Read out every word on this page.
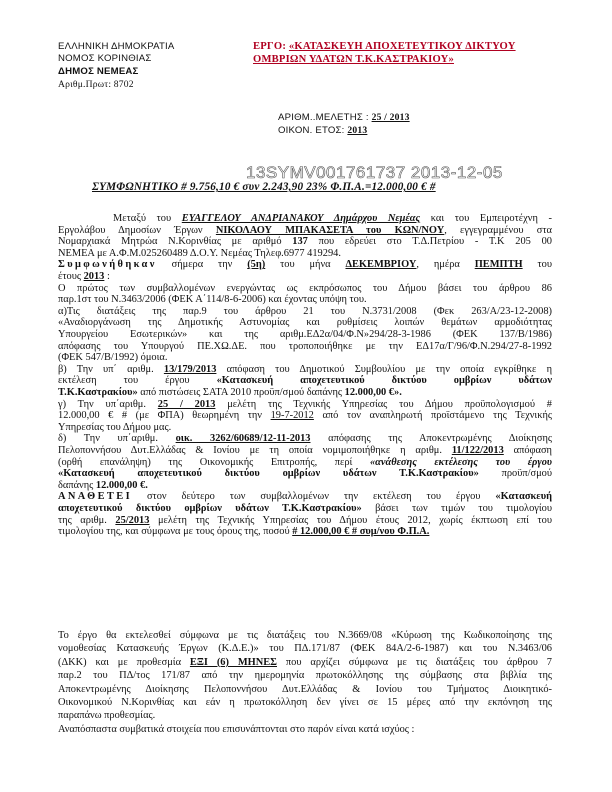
ΕΛΛΗΝΙΚΗ ΔΗΜΟΚΡΑΤΙΑ
ΝΟΜΟΣ ΚΟΡΙΝΘΙΑΣ
ΔΗΜΟΣ ΝΕΜΕΑΣ
Αριθμ.Πρωτ: 8702
ΕΡΓΟ: «ΚΑΤΑΣΚΕΥΗ ΑΠΟΧΕΤΕΥΤΙΚΟΥ ΔΙΚΤΥΟΥ
ΟΜΒΡΙΩΝ ΥΔΑΤΩΝ Τ.Κ.ΚΑΣΤΡΑΚΙΟΥ»
ΑΡΙΘΜ..ΜΕΛΕΤΗΣ : 25 / 2013
ΟΙΚΟΝ. ΕΤΟΣ: 2013
13SYMV001761737 2013-12-05
ΣΥΜΦΩΝΗΤΙΚΟ # 9.756,10 € συν 2.243,90 23% Φ.Π.Α.=12.000,00 € #
Μεταξύ του ΕΥΑΓΓΕΛΟΥ ΑΝΔΡΙΑΝΑΚΟΥ Δημάρχου Νεμέας και του Εμπειροτέχνη -
Εργολάβου Δημοσίων Έργων ΝΙΚΟΛΑΟΥ ΜΠΑΚΑΣΕΤΑ του ΚΩΝ/ΝΟΥ, εγγεγραμμένου στα
Νομαρχιακά Μητρώα Ν.Κορινθίας με αριθμό 137 που εδρεύει στο Τ.Δ.Πετρίου - Τ.Κ 205 00
ΝΕΜΕΑ με Α.Φ.Μ.025260489 Δ.Ο.Υ. Νεμέας Τηλεφ.6977 419294.
Συμφωνήθηκαν σήμερα την (5η) του μήνα ΔΕΚΕΜΒΡΙΟΥ, ημέρα ΠΕΜΠΤΗ του
έτους 2013 :
Ο πρώτος των συμβαλλομένων ενεργώντας ως εκπρόσωπος του Δήμου βάσει του άρθρου 86
παρ.1στ του Ν.3463/2006 (ΦΕΚ Α΄114/8-6-2006) και έχοντας υπόψη του.
α)Τις διατάξεις της παρ.9 του άρθρου 21 του Ν.3731/2008 (Φεκ 263/Α/23-12-2008)
«Αναδιοργάνωση της Δημοτικής Αστυνομίας και ρυθμίσεις λοιπών θεμάτων αρμοδιότητας
Υπουργείου Εσωτερικών» και της αριθμ.ΕΔ2α/04/Φ.Ν»294/28-3-1986 (ΦΕΚ 137/Β/1986)
απόφασης του Υπουργού ΠΕ.ΧΩ.ΔΕ. που τροποποιήθηκε με την ΕΔ17α/Γ/96/Φ.Ν.294/27-8-1992
(ΦΕΚ 547/Β/1992) όμοια.
β) Την υπ΄ αριθμ. 13/179/2013 απόφαση του Δημοτικού Συμβουλίου με την οποία εγκρίθηκε η
εκτέλεση του έργου «Κατασκευή αποχετευτικού δικτύου ομβρίων υδάτων
Τ.Κ.Καστρακίου» από πιστώσεις ΣΑΤΑ 2010 προϋπ/σμού δαπάνης 12.000,00 €».
γ) Την υπ΄αριθμ. 25 / 2013 μελέτη της Τεχνικής Υπηρεσίας του Δήμου προϋπολογισμού #
12.000,00 € # (με ΦΠΑ) θεωρημένη την 19-7-2012 από τον αναπληρωτή προϊστάμενο της Τεχνικής
Υπηρεσίας του Δήμου μας.
δ) Την υπ΄αριθμ. οικ. 3262/60689/12-11-2013 απόφασης της Αποκεντρωμένης Διοίκησης
Πελοποννήσου Δυτ.Ελλάδας & Ιονίου με τη οποία νομιμοποιήθηκε η αριθμ. 11/122/2013 απόφαση
(ορθή επανάληψη) της Οικονομικής Επιτροπής, περί «ανάθεσης εκτέλεσης του έργου
«Κατασκευή αποχετευτικού δικτύου ομβρίων υδάτων Τ.Κ.Καστρακίου» προϋπ/σμού
δαπάνης 12.000,00 €.
ΑΝΑΘΕΤΕΙ στον δεύτερο των συμβαλλομένων την εκτέλεση του έργου «Κατασκευή
αποχετευτικού δικτύου ομβρίων υδάτων Τ.Κ.Καστρακίου» βάσει των τιμών του τιμολογίου
της αριθμ. 25/2013 μελέτη της Τεχνικής Υπηρεσίας του Δήμου έτους 2012, χωρίς έκπτωση επί του
τιμολογίου της, και σύμφωνα με τους όρους της, ποσού # 12.000,00 € # συμ/νου Φ.Π.Α.
Το έργο θα εκτελεσθεί σύμφωνα με τις διατάξεις του Ν.3669/08 «Κύρωση της Κωδικοποίησης της
νομοθεσίας Κατασκευής Έργων (Κ.Δ.Ε.)» του ΠΔ.171/87 (ΦΕΚ 84Α/2-6-1987) και του Ν.3463/06
(ΔΚΚ) και με προθεσμία ΕΞΙ (6) ΜΗΝΕΣ που αρχίζει σύμφωνα με τις διατάξεις του άρθρου 7
παρ.2 του ΠΔ/τος 171/87 από την ημερομηνία πρωτοκόλλησης της σύμβασης στα βιβλία της
Αποκεντρωμένης Διοίκησης Πελοποννήσου Δυτ.Ελλάδας & Ιονίου του Τμήματος Διοικητικό-
Οικονομικού Ν.Κορινθίας και εάν η πρωτοκόλληση δεν γίνει σε 15 μέρες από την εκπόνηση της
παραπάνω προθεσμίας.
Αναπόσπαστα συμβατικά στοιχεία που επισυνάπτονται στο παρόν είναι κατά ισχύος :
